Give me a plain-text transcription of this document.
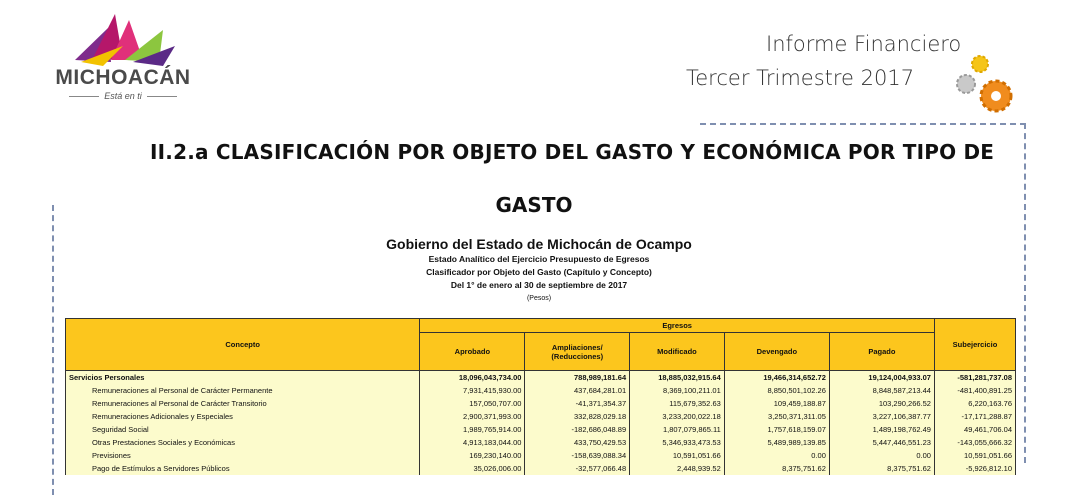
MICHOACÁN
Está en ti
Informe Financiero
Tercer Trimestre 2017
II.2.a CLASIFICACIÓN POR OBJETO DEL GASTO Y ECONÓMICA POR TIPO DE
GASTO
Gobierno del Estado de Michocán de Ocampo
Estado Analítico del Ejercicio Presupuesto de Egresos
Clasificador por Objeto del Gasto (Capítulo y Concepto)
Del 1° de enero al 30 de septiembre de 2017
(Pesos)
Concepto	Egresos					Subejercicio
	Aprobado	Ampliaciones/ (Reducciones)	Modificado	Devengado	Pagado	
Servicios Personales	18,096,043,734.00	788,989,181.64	18,885,032,915.64	19,466,314,652.72	19,124,004,933.07	-581,281,737.08
Remuneraciones al Personal de Carácter Permanente	7,931,415,930.00	437,684,281.01	8,369,100,211.01	8,850,501,102.26	8,848,587,213.44	-481,400,891.25
Remuneraciones al Personal de Carácter Transitorio	157,050,707.00	-41,371,354.37	115,679,352.63	109,459,188.87	103,290,266.52	6,220,163.76
Remuneraciones Adicionales y Especiales	2,900,371,993.00	332,828,029.18	3,233,200,022.18	3,250,371,311.05	3,227,106,387.77	-17,171,288.87
Seguridad Social	1,989,765,914.00	-182,686,048.89	1,807,079,865.11	1,757,618,159.07	1,489,198,762.49	49,461,706.04
Otras Prestaciones Sociales y Económicas	4,913,183,044.00	433,750,429.53	5,346,933,473.53	5,489,989,139.85	5,447,446,551.23	-143,055,666.32
Previsiones	169,230,140.00	-158,639,088.34	10,591,051.66	0.00	0.00	10,591,051.66
Pago de Estímulos a Servidores Públicos	35,026,006.00	-32,577,066.48	2,448,939.52	8,375,751.62	8,375,751.62	-5,926,812.10
